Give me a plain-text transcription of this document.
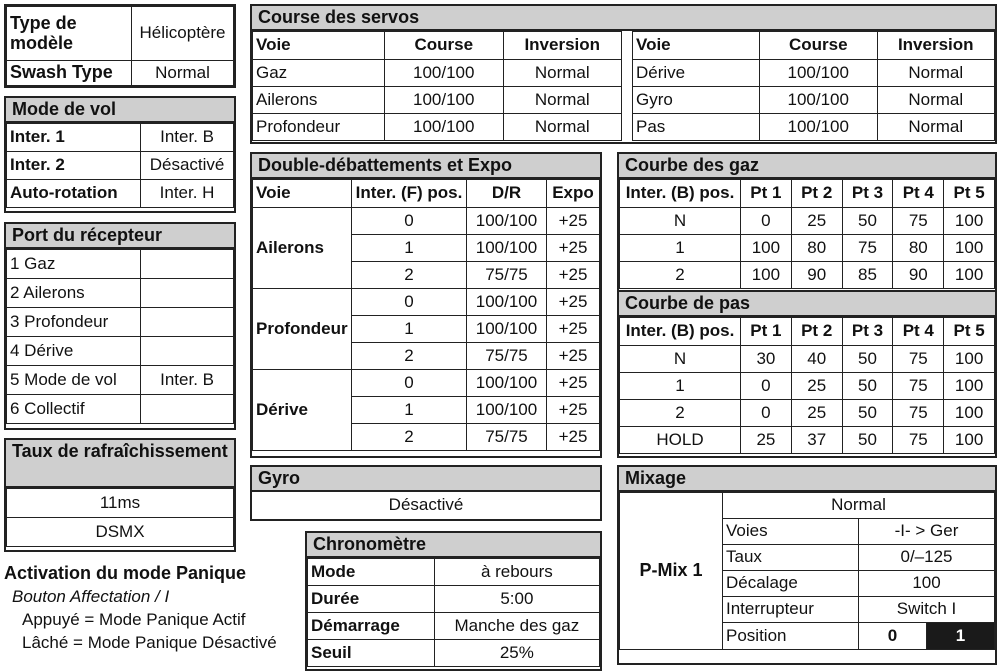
Type de modèle	Hélicoptère
Swash Type	Normal
Mode de vol
Inter. 1	Inter. B
Inter. 2	Désactivé
Auto-rotation	Inter. H
Port du récepteur
1 Gaz	
2 Ailerons	
3 Profondeur	
4 Dérive	
5 Mode de vol	Inter. B
6 Collectif	
Taux de rafraîchissement
11ms
DSMX
Activation du mode Panique
Bouton Affectation / I
Appuyé = Mode Panique Actif
Lâché = Mode Panique Désactivé
Course des servos
Voie	Course	Inversion
Gaz	100/100	Normal
Ailerons	100/100	Normal
Profondeur	100/100	Normal
Voie	Course	Inversion
Dérive	100/100	Normal
Gyro	100/100	Normal
Pas	100/100	Normal
Double-débattements et Expo
Voie	Inter. (F) pos.	D/R	Expo
Ailerons	0	100/100	+25
	1	100/100	+25
	2	75/75	+25
Profondeur	0	100/100	+25
	1	100/100	+25
	2	75/75	+25
Dérive	0	100/100	+25
	1	100/100	+25
	2	75/75	+25
Courbe des gaz
Inter. (B) pos.	Pt 1	Pt 2	Pt 3	Pt 4	Pt 5
N	0	25	50	75	100
1	100	80	75	80	100
2	100	90	85	90	100
Courbe de pas
Inter. (B) pos.	Pt 1	Pt 2	Pt 3	Pt 4	Pt 5
N	30	40	50	75	100
1	0	25	50	75	100
2	0	25	50	75	100
HOLD	25	37	50	75	100
Gyro
Désactivé
Chronomètre
Mode	à rebours
Durée	5:00
Démarrage	Manche des gaz
Seuil	25%
Mixage
P-Mix 1	Normal	
	Voies	-I- > Ger
	Taux	0/–125
	Décalage	100
	Interrupteur	Switch I
	Position	0 1
